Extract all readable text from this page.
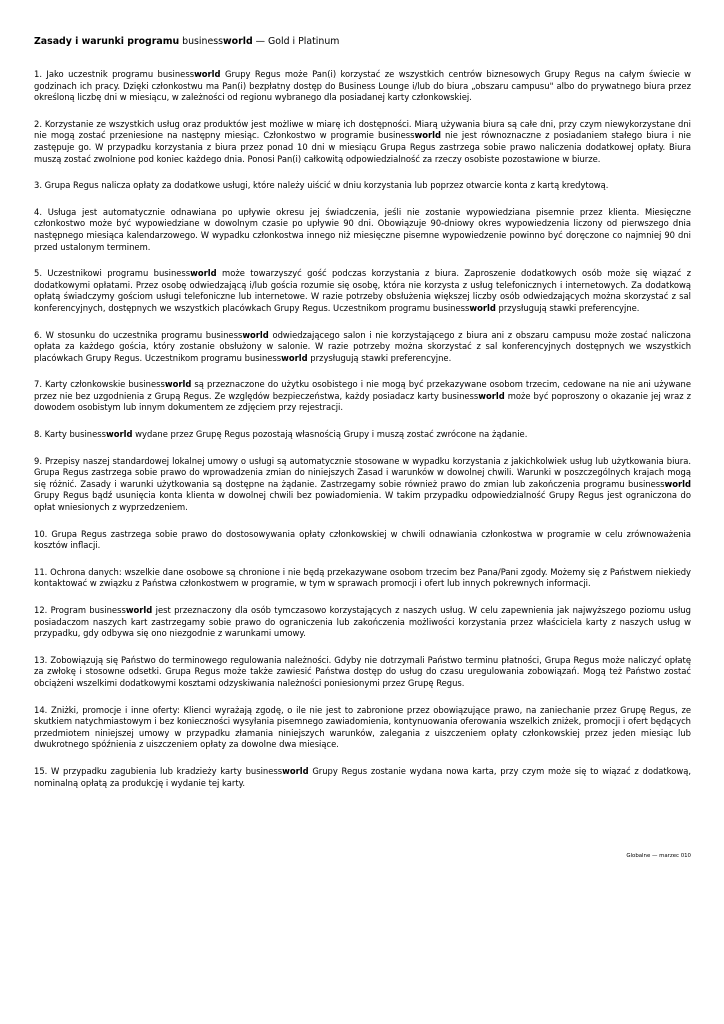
Zasady i warunki programu businessworld — Gold i Platinum
1. Jako uczestnik programu businessworld Grupy Regus może Pan(i) korzystać ze wszystkich centrów biznesowych Grupy Regus na całym świecie w godzinach ich pracy. Dzięki członkostwu ma Pan(i) bezpłatny dostęp do Business Lounge i/lub do biura „obszaru campusu" albo do prywatnego biura przez określoną liczbę dni w miesiącu, w zależności od regionu wybranego dla posiadanej karty członkowskiej.
2. Korzystanie ze wszystkich usług oraz produktów jest możliwe w miarę ich dostępności. Miarą używania biura są całe dni, przy czym niewykorzystane dni nie mogą zostać przeniesione na następny miesiąc. Członkostwo w programie businessworld nie jest równoznaczne z posiadaniem stałego biura i nie zastępuje go. W przypadku korzystania z biura przez ponad 10 dni w miesiącu Grupa Regus zastrzega sobie prawo naliczenia dodatkowej opłaty. Biura muszą zostać zwolnione pod koniec każdego dnia. Ponosi Pan(i) całkowitą odpowiedzialność za rzeczy osobiste pozostawione w biurze.
3. Grupa Regus nalicza opłaty za dodatkowe usługi, które należy uiścić w dniu korzystania lub poprzez otwarcie konta z kartą kredytową.
4. Usługa jest automatycznie odnawiana po upływie okresu jej świadczenia, jeśli nie zostanie wypowiedziana pisemnie przez klienta. Miesięczne członkostwo może być wypowiedziane w dowolnym czasie po upływie 90 dni. Obowiązuje 90-dniowy okres wypowiedzenia liczony od pierwszego dnia następnego miesiąca kalendarzowego. W wypadku członkostwa innego niż miesięczne pisemne wypowiedzenie powinno być doręczone co najmniej 90 dni przed ustalonym terminem.
5. Uczestnikowi programu businessworld może towarzyszyć gość podczas korzystania z biura. Zaproszenie dodatkowych osób może się wiązać z dodatkowymi opłatami. Przez osobę odwiedzającą i/lub gościa rozumie się osobę, która nie korzysta z usług telefonicznych i internetowych. Za dodatkową opłatą świadczymy gościom usługi telefoniczne lub internetowe. W razie potrzeby obsłużenia większej liczby osób odwiedzających można skorzystać z sal konferencyjnych, dostępnych we wszystkich placówkach Grupy Regus. Uczestnikom programu businessworld przysługują stawki preferencyjne.
6. W stosunku do uczestnika programu businessworld odwiedzającego salon i nie korzystającego z biura ani z obszaru campusu może zostać naliczona opłata za każdego gościa, który zostanie obsłużony w salonie. W razie potrzeby można skorzystać z sal konferencyjnych dostępnych we wszystkich placówkach Grupy Regus. Uczestnikom programu businessworld przysługują stawki preferencyjne.
7. Karty członkowskie businessworld są przeznaczone do użytku osobistego i nie mogą być przekazywane osobom trzecim, cedowane na nie ani używane przez nie bez uzgodnienia z Grupą Regus. Ze względów bezpieczeństwa, każdy posiadacz karty businessworld może być poproszony o okazanie jej wraz z dowodem osobistym lub innym dokumentem ze zdjęciem przy rejestracji.
8. Karty businessworld wydane przez Grupę Regus pozostają własnością Grupy i muszą zostać zwrócone na żądanie.
9. Przepisy naszej standardowej lokalnej umowy o usługi są automatycznie stosowane w wypadku korzystania z jakichkolwiek usług lub użytkowania biura. Grupa Regus zastrzega sobie prawo do wprowadzenia zmian do niniejszych Zasad i warunków w dowolnej chwili. Warunki w poszczególnych krajach mogą się różnić. Zasady i warunki użytkowania są dostępne na żądanie. Zastrzegamy sobie również prawo do zmian lub zakończenia programu businessworld Grupy Regus bądź usunięcia konta klienta w dowolnej chwili bez powiadomienia. W takim przypadku odpowiedzialność Grupy Regus jest ograniczona do opłat wniesionych z wyprzedzeniem.
10. Grupa Regus zastrzega sobie prawo do dostosowywania opłaty członkowskiej w chwili odnawiania członkostwa w programie w celu zrównoważenia kosztów inflacji.
11. Ochrona danych: wszelkie dane osobowe są chronione i nie będą przekazywane osobom trzecim bez Pana/Pani zgody. Możemy się z Państwem niekiedy kontaktować w związku z Państwa członkostwem w programie, w tym w sprawach promocji i ofert lub innych pokrewnych informacji.
12. Program businessworld jest przeznaczony dla osób tymczasowo korzystających z naszych usług. W celu zapewnienia jak najwyższego poziomu usług posiadaczom naszych kart zastrzegamy sobie prawo do ograniczenia lub zakończenia możliwości korzystania przez właściciela karty z naszych usług w przypadku, gdy odbywa się ono niezgodnie z warunkami umowy.
13. Zobowiązują się Państwo do terminowego regulowania należności. Gdyby nie dotrzymali Państwo terminu płatności, Grupa Regus może naliczyć opłatę za zwłokę i stosowne odsetki. Grupa Regus może także zawiesić Państwa dostęp do usług do czasu uregulowania zobowiązań. Mogą też Państwo zostać obciążeni wszelkimi dodatkowymi kosztami odzyskiwania należności poniesionymi przez Grupę Regus.
14. Zniżki, promocje i inne oferty: Klienci wyrażają zgodę, o ile nie jest to zabronione przez obowiązujące prawo, na zaniechanie przez Grupę Regus, ze skutkiem natychmiastowym i bez konieczności wysyłania pisemnego zawiadomienia, kontynuowania oferowania wszelkich zniżek, promocji i ofert będących przedmiotem niniejszej umowy w przypadku złamania niniejszych warunków, zalegania z uiszczeniem opłaty członkowskiej przez jeden miesiąc lub dwukrotnego spóźnienia z uiszczeniem opłaty za dowolne dwa miesiące.
15. W przypadku zagubienia lub kradzieży karty businessworld Grupy Regus zostanie wydana nowa karta, przy czym może się to wiązać z dodatkową, nominalną opłatą za produkcję i wydanie tej karty.
Globalne — marzec 010
